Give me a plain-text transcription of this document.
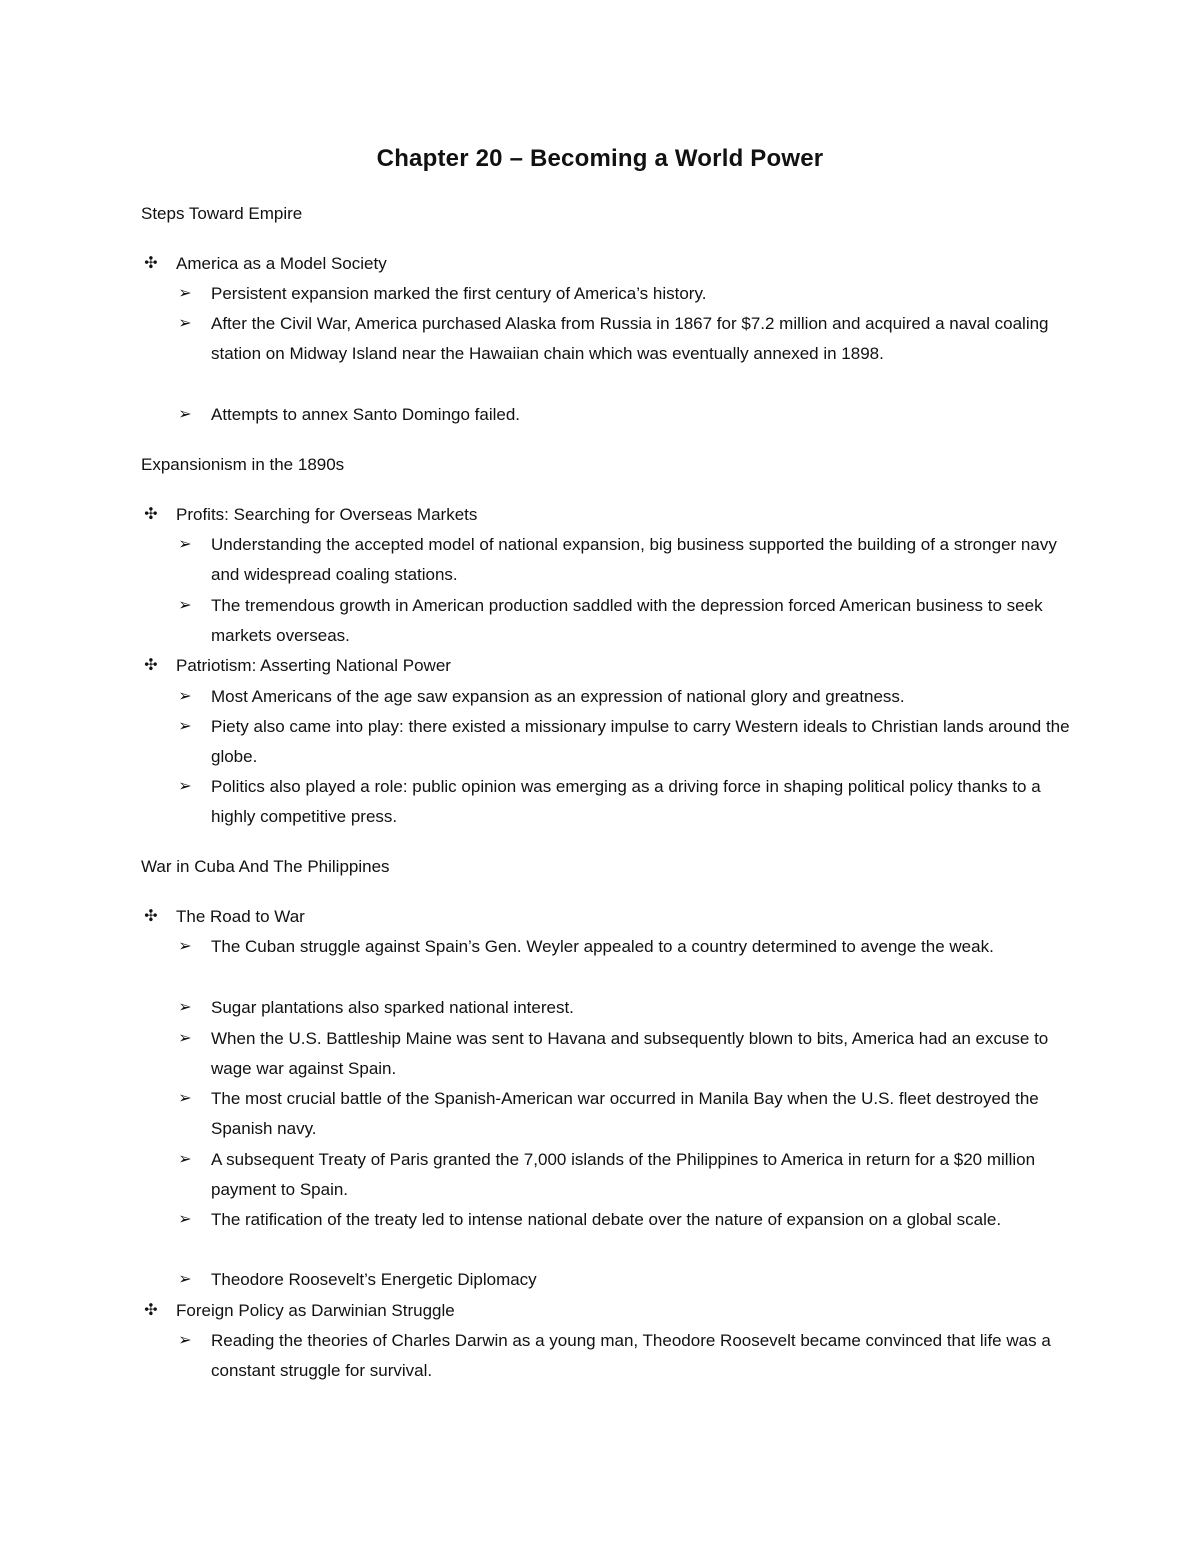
Chapter 20 – Becoming a World Power
Steps Toward Empire
✣ America as a Model Society
➢ Persistent expansion marked the first century of America’s history.
➢ After the Civil War, America purchased Alaska from Russia in 1867 for $7.2 million and acquired a naval coaling station on Midway Island near the Hawaiian chain which was eventually annexed in 1898.
➢ Attempts to annex Santo Domingo failed.
Expansionism in the 1890s
✣ Profits: Searching for Overseas Markets
➢ Understanding the accepted model of national expansion, big business supported the building of a stronger navy and widespread coaling stations.
➢ The tremendous growth in American production saddled with the depression forced American business to seek markets overseas.
✣ Patriotism: Asserting National Power
➢ Most Americans of the age saw expansion as an expression of national glory and greatness.
➢ Piety also came into play: there existed a missionary impulse to carry Western ideals to Christian lands around the globe.
➢ Politics also played a role: public opinion was emerging as a driving force in shaping political policy thanks to a highly competitive press.
War in Cuba And The Philippines
✣ The Road to War
➢ The Cuban struggle against Spain’s Gen. Weyler appealed to a country determined to avenge the weak.
➢ Sugar plantations also sparked national interest.
➢ When the U.S. Battleship Maine was sent to Havana and subsequently blown to bits, America had an excuse to wage war against Spain.
➢ The most crucial battle of the Spanish-American war occurred in Manila Bay when the U.S. fleet destroyed the Spanish navy.
➢ A subsequent Treaty of Paris granted the 7,000 islands of the Philippines to America in return for a $20 million payment to Spain.
➢ The ratification of the treaty led to intense national debate over the nature of expansion on a global scale.
➢ Theodore Roosevelt’s Energetic Diplomacy
✣ Foreign Policy as Darwinian Struggle
➢ Reading the theories of Charles Darwin as a young man, Theodore Roosevelt became convinced that life was a constant struggle for survival.
